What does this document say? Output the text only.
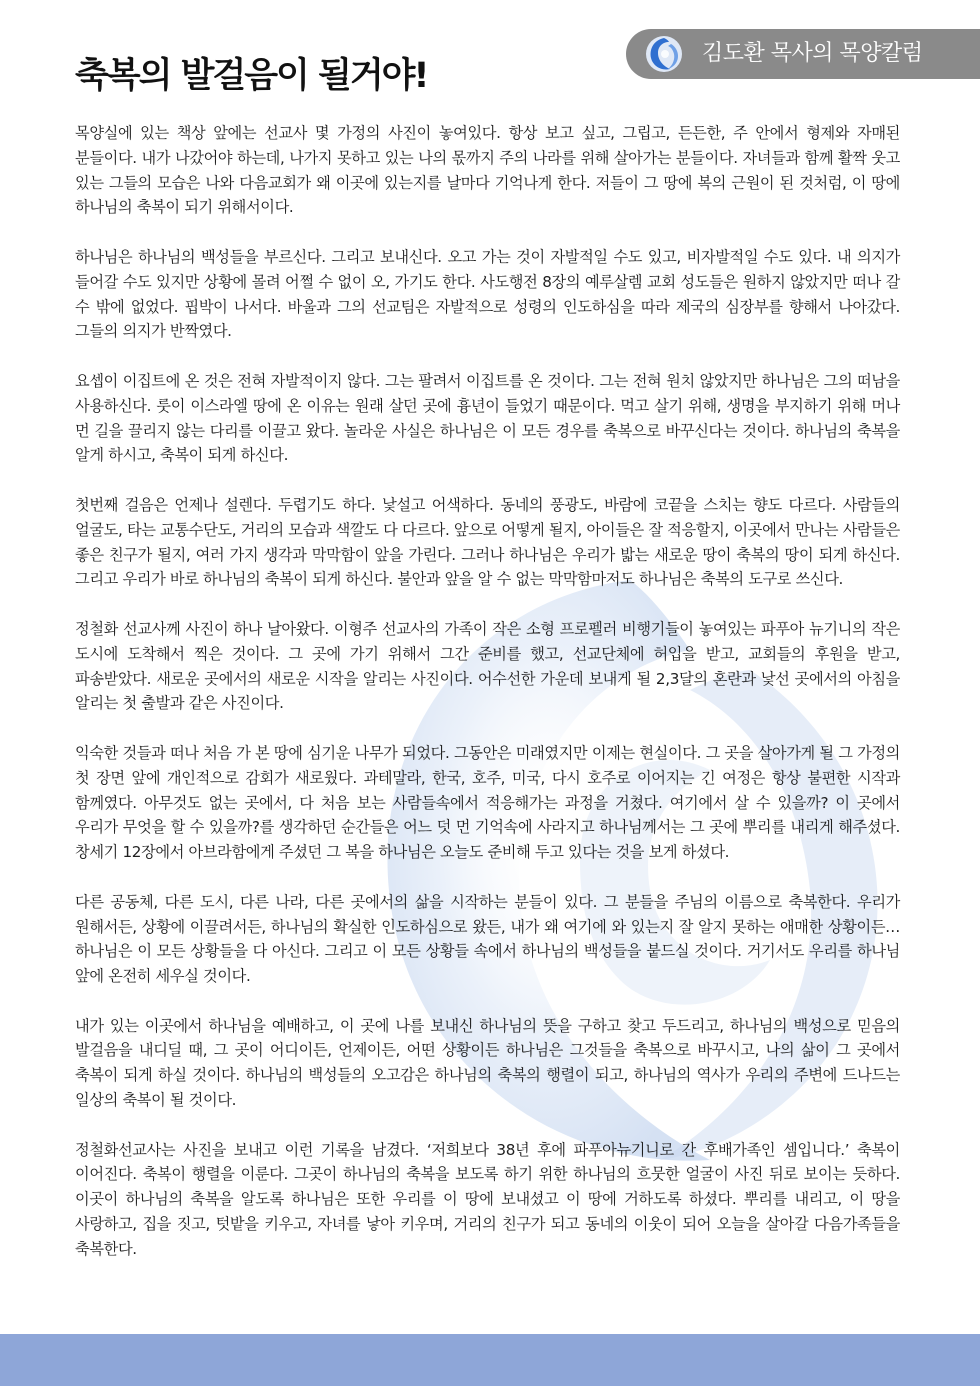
김도환 목사의 목양칼럼
축복의 발걸음이 될거야!

목양실에 있는 책상 앞에는 선교사 몇 가정의 사진이 놓여있다. 항상 보고 싶고, 그립고, 든든한, 주 안에서 형제와 자매된 분들이다. 내가 나갔어야 하는데, 나가지 못하고 있는 나의 몫까지 주의 나라를 위해 살아가는 분들이다. 자녀들과 함께 활짝 웃고 있는 그들의 모습은 나와 다음교회가 왜 이곳에 있는지를 날마다 기억나게 한다. 저들이 그 땅에 복의 근원이 된 것처럼, 이 땅에 하나님의 축복이 되기 위해서이다.

하나님은 하나님의 백성들을 부르신다. 그리고 보내신다. 오고 가는 것이 자발적일 수도 있고, 비자발적일 수도 있다. 내 의지가 들어갈 수도 있지만 상황에 몰려 어쩔 수 없이 오, 가기도 한다. 사도행전 8장의 예루살렘 교회 성도들은 원하지 않았지만 떠나 갈 수 밖에 없었다. 핍박이 나서다. 바울과 그의 선교팀은 자발적으로 성령의 인도하심을 따라 제국의 심장부를 향해서 나아갔다. 그들의 의지가 반짝였다.

요셉이 이집트에 온 것은 전혀 자발적이지 않다. 그는 팔려서 이집트를 온 것이다. 그는 전혀 원치 않았지만 하나님은 그의 떠남을 사용하신다. 룻이 이스라엘 땅에 온 이유는 원래 살던 곳에 흉년이 들었기 때문이다. 먹고 살기 위해, 생명을 부지하기 위해 머나 먼 길을 끌리지 않는 다리를 이끌고 왔다. 놀라운 사실은 하나님은 이 모든 경우를 축복으로 바꾸신다는 것이다. 하나님의 축복을 알게 하시고, 축복이 되게 하신다.

첫번째 걸음은 언제나 설렌다. 두렵기도 하다. 낯설고 어색하다. 동네의 풍광도, 바람에 코끝을 스치는 향도 다르다. 사람들의 얼굴도, 타는 교통수단도, 거리의 모습과 색깔도 다 다르다. 앞으로 어떻게 될지, 아이들은 잘 적응할지, 이곳에서 만나는 사람들은 좋은 친구가 될지, 여러 가지 생각과 막막함이 앞을 가린다. 그러나 하나님은 우리가 밟는 새로운 땅이 축복의 땅이 되게 하신다. 그리고 우리가 바로 하나님의 축복이 되게 하신다. 불안과 앞을 알 수 없는 막막함마저도 하나님은 축복의 도구로 쓰신다.

정철화 선교사께 사진이 하나 날아왔다. 이형주 선교사의 가족이 작은 소형 프로펠러 비행기들이 놓여있는 파푸아 뉴기니의 작은 도시에 도착해서 찍은 것이다. 그 곳에 가기 위해서 그간 준비를 했고, 선교단체에 허입을 받고, 교회들의 후원을 받고, 파송받았다. 새로운 곳에서의 새로운 시작을 알리는 사진이다. 어수선한 가운데 보내게 될 2,3달의 혼란과 낯선 곳에서의 아침을 알리는 첫 출발과 같은 사진이다.

익숙한 것들과 떠나 처음 가 본 땅에 심기운 나무가 되었다. 그동안은 미래였지만 이제는 현실이다. 그 곳을 살아가게 될 그 가정의 첫 장면 앞에 개인적으로 감회가 새로웠다. 과테말라, 한국, 호주, 미국, 다시 호주로 이어지는 긴 여정은 항상 불편한 시작과 함께였다. 아무것도 없는 곳에서, 다 처음 보는 사람들속에서 적응해가는 과정을 거쳤다. 여기에서 살 수 있을까? 이 곳에서 우리가 무엇을 할 수 있을까?를 생각하던 순간들은 어느 덧 먼 기억속에 사라지고 하나님께서는 그 곳에 뿌리를 내리게 해주셨다. 창세기 12장에서 아브라함에게 주셨던 그 복을 하나님은 오늘도 준비해 두고 있다는 것을 보게 하셨다.

다른 공동체, 다른 도시, 다른 나라, 다른 곳에서의 삶을 시작하는 분들이 있다. 그 분들을 주님의 이름으로 축복한다. 우리가 원해서든, 상황에 이끌려서든, 하나님의 확실한 인도하심으로 왔든, 내가 왜 여기에 와 있는지 잘 알지 못하는 애매한 상황이든… 하나님은 이 모든 상황들을 다 아신다. 그리고 이 모든 상황들 속에서 하나님의 백성들을 붙드실 것이다. 거기서도 우리를 하나님 앞에 온전히 세우실 것이다.

내가 있는 이곳에서 하나님을 예배하고, 이 곳에 나를 보내신 하나님의 뜻을 구하고 찾고 두드리고, 하나님의 백성으로 믿음의 발걸음을 내디딜 때, 그 곳이 어디이든, 언제이든, 어떤 상황이든 하나님은 그것들을 축복으로 바꾸시고, 나의 삶이 그 곳에서 축복이 되게 하실 것이다. 하나님의 백성들의 오고감은 하나님의 축복의 행렬이 되고, 하나님의 역사가 우리의 주변에 드나드는 일상의 축복이 될 것이다.

정철화선교사는 사진을 보내고 이런 기록을 남겼다. ‘저희보다 38년 후에 파푸아뉴기니로 간 후배가족인 셈입니다.’ 축복이 이어진다. 축복이 행렬을 이룬다. 그곳이 하나님의 축복을 보도록 하기 위한 하나님의 흐뭇한 얼굴이 사진 뒤로 보이는 듯하다. 이곳이 하나님의 축복을 알도록 하나님은 또한 우리를 이 땅에 보내셨고 이 땅에 거하도록 하셨다. 뿌리를 내리고, 이 땅을 사랑하고, 집을 짓고, 텃밭을 키우고, 자녀를 낳아 키우며, 거리의 친구가 되고 동네의 이웃이 되어 오늘을 살아갈 다음가족들을 축복한다.
